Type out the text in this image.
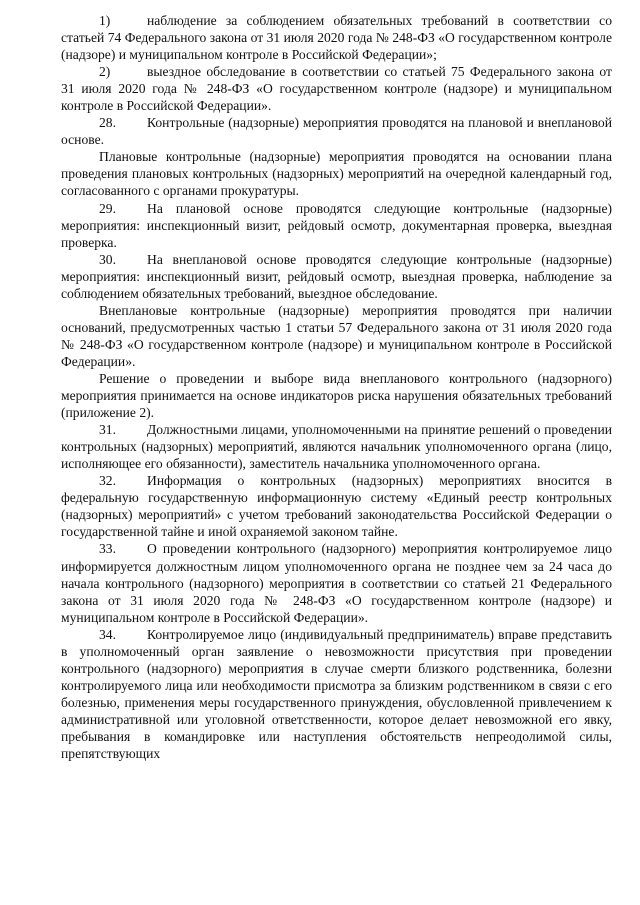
1)	наблюдение за соблюдением обязательных требований в соответствии со статьей 74 Федерального закона от 31 июля 2020 года № 248-ФЗ «О государственном контроле (надзоре) и муниципальном контроле в Российской Федерации»;

2)	выездное обследование в соответствии со статьей 75 Федерального закона от 31 июля 2020 года № 248-ФЗ «О государственном контроле (надзоре) и муниципальном контроле в Российской Федерации».

28. Контрольные (надзорные) мероприятия проводятся на плановой и внеплановой основе.

Плановые контрольные (надзорные) мероприятия проводятся на основании плана проведения плановых контрольных (надзорных) мероприятий на очередной календарный год, согласованного с органами прокуратуры.

29. На плановой основе проводятся следующие контрольные (надзорные) мероприятия: инспекционный визит, рейдовый осмотр, документарная проверка, выездная проверка.

30. На внеплановой основе проводятся следующие контрольные (надзорные) мероприятия: инспекционный визит, рейдовый осмотр, выездная проверка, наблюдение за соблюдением обязательных требований, выездное обследование.

Внеплановые контрольные (надзорные) мероприятия проводятся при наличии оснований, предусмотренных частью 1 статьи 57 Федерального закона от 31 июля 2020 года № 248-ФЗ «О государственном контроле (надзоре) и муниципальном контроле в Российской Федерации».

Решение о проведении и выборе вида внепланового контрольного (надзорного) мероприятия принимается на основе индикаторов риска нарушения обязательных требований (приложение 2).

31. Должностными лицами, уполномоченными на принятие решений о проведении контрольных (надзорных) мероприятий, являются начальник уполномоченного органа (лицо, исполняющее его обязанности), заместитель начальника уполномоченного органа.

32. Информация о контрольных (надзорных) мероприятиях вносится в федеральную государственную информационную систему «Единый реестр контрольных (надзорных) мероприятий» с учетом требований законодательства Российской Федерации о государственной тайне и иной охраняемой законом тайне.

33. О проведении контрольного (надзорного) мероприятия контролируемое лицо информируется должностным лицом уполномоченного органа не позднее чем за 24 часа до начала контрольного (надзорного) мероприятия в соответствии со статьей 21 Федерального закона от 31 июля 2020 года № 248-ФЗ «О государственном контроле (надзоре) и муниципальном контроле в Российской Федерации».

34. Контролируемое лицо (индивидуальный предприниматель) вправе представить в уполномоченный орган заявление о невозможности присутствия при проведении контрольного (надзорного) мероприятия в случае смерти близкого родственника, болезни контролируемого лица или необходимости присмотра за близким родственником в связи с его болезнью, применения меры государственного принуждения, обусловленной привлечением к административной или уголовной ответственности, которое делает невозможной его явку, пребывания в командировке или наступления обстоятельств непреодолимой силы, препятствующих
